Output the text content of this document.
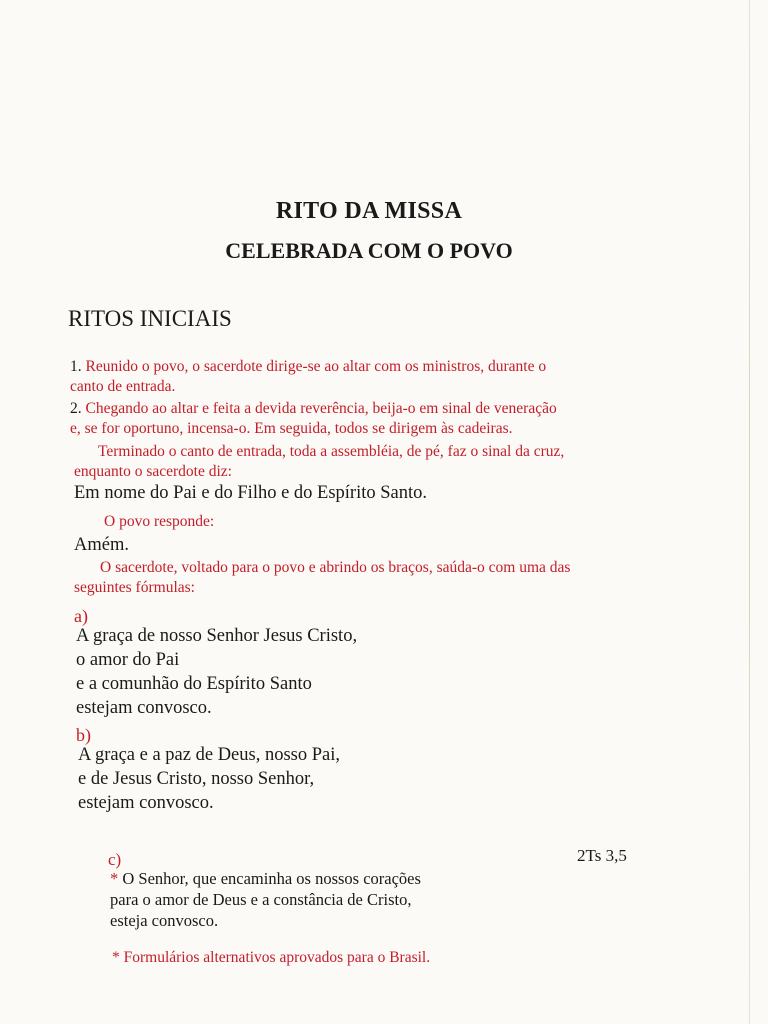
RITO DA MISSA
CELEBRADA COM O POVO
RITOS INICIAIS

1. Reunido o povo, o sacerdote dirige-se ao altar com os ministros, durante o
canto de entrada.

2. Chegando ao altar e feita a devida reverência, beija-o em sinal de veneração
e, se for oportuno, incensa-o. Em seguida, todos se dirigem às cadeiras.

Terminado o canto de entrada, toda a assembléia, de pé, faz o sinal da cruz,

enquanto o sacerdote diz:

Em nome do Pai e do Filho e do Espírito Santo.

O povo responde:

Amém.

O sacerdote, voltado para o povo e abrindo os braços, saúda-o com uma das

seguintes fórmulas:

a)

A graça de nosso Senhor Jesus Cristo,
o amor do Pai
e a comunhão do Espírito Santo
estejam convosco.

b)

A graça e a paz de Deus, nosso Pai,
e de Jesus Cristo, nosso Senhor,
estejam convosco.

c)	2Ts 3,5

* O Senhor, que encaminha os nossos corações
para o amor de Deus e a constância de Cristo,
esteja convosco.

* Formulários alternativos aprovados para o Brasil.
